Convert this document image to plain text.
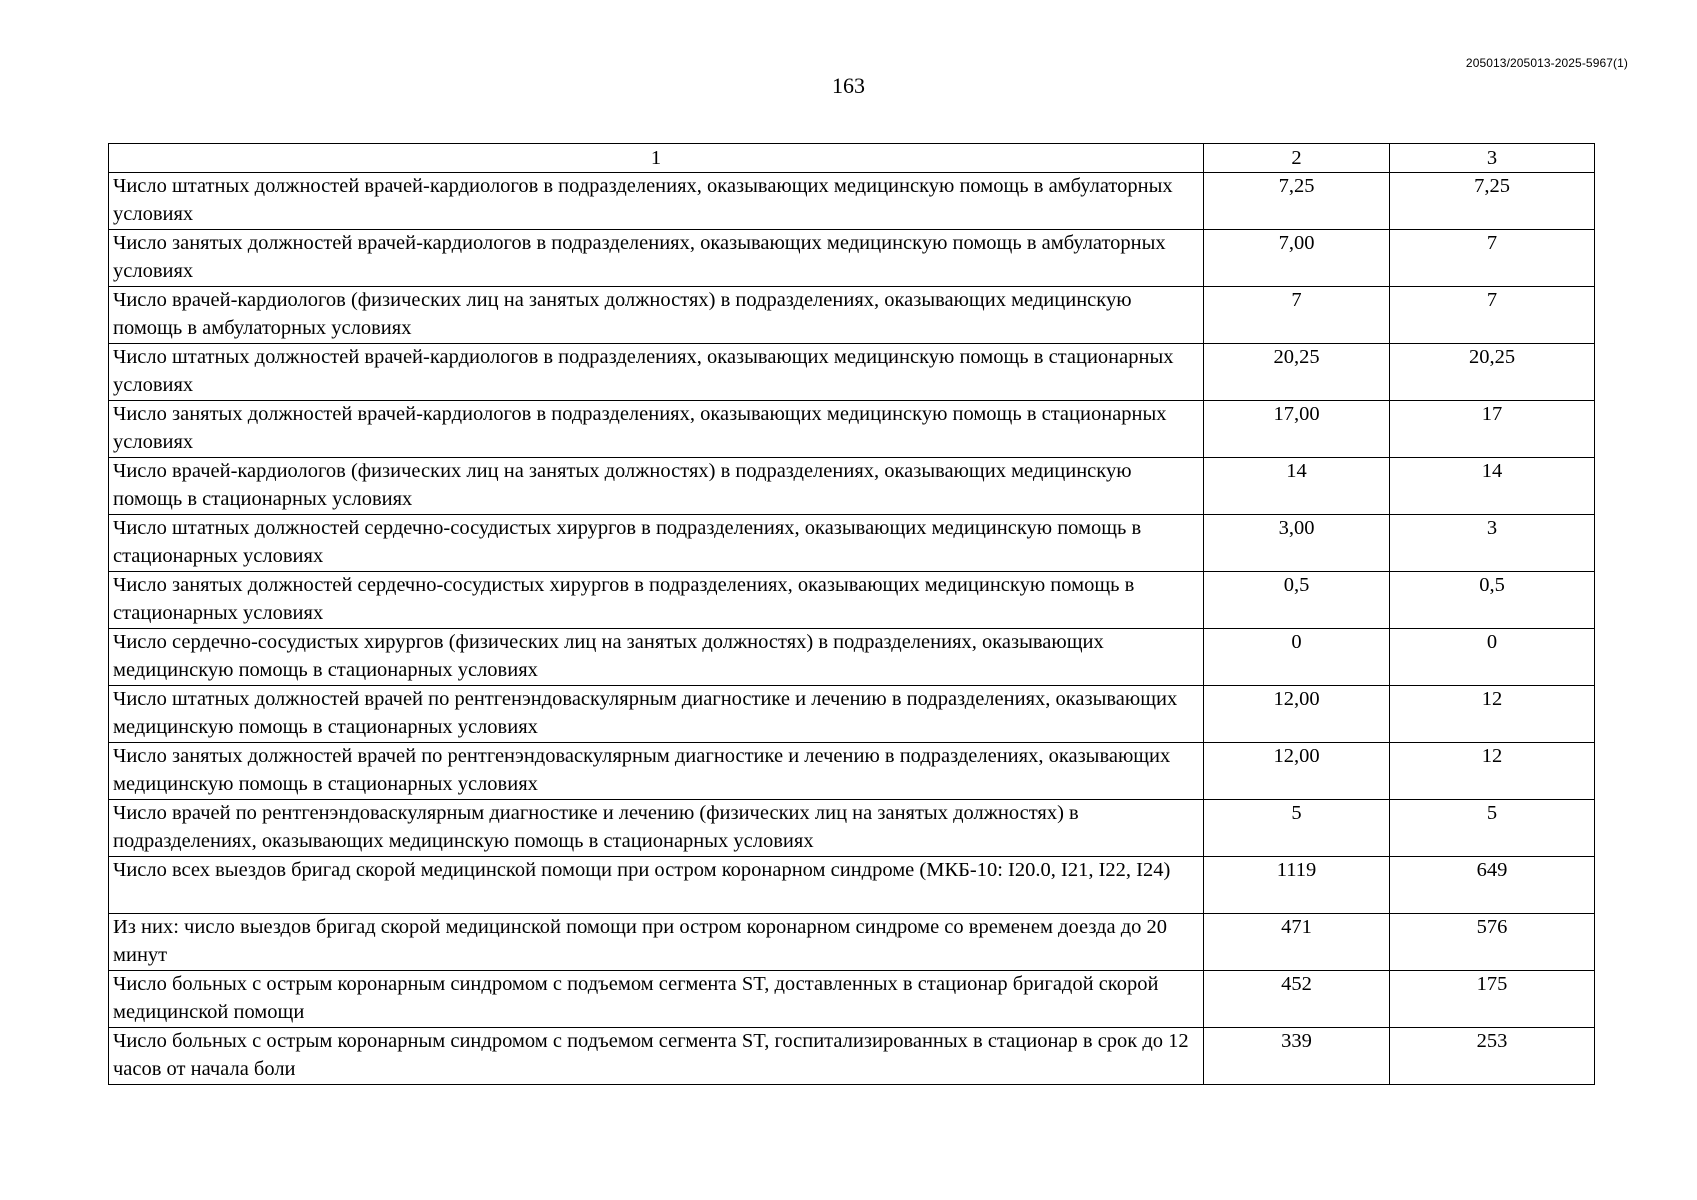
205013/205013-2025-5967(1)
163
1	2	3
Число штатных должностей врачей-кардиологов в подразделениях, оказывающих медицинскую помощь в амбулаторных условиях	7,25	7,25
Число занятых должностей врачей-кардиологов в подразделениях, оказывающих медицинскую помощь в амбулаторных условиях	7,00	7
Число врачей-кардиологов (физических лиц на занятых должностях) в подразделениях, оказывающих медицинскую помощь в амбулаторных условиях	7	7
Число штатных должностей врачей-кардиологов в подразделениях, оказывающих медицинскую помощь в стационарных условиях	20,25	20,25
Число занятых должностей врачей-кардиологов в подразделениях, оказывающих медицинскую помощь в стационарных условиях	17,00	17
Число врачей-кардиологов (физических лиц на занятых должностях) в подразделениях, оказывающих медицинскую помощь в стационарных условиях	14	14
Число штатных должностей сердечно-сосудистых хирургов в подразделениях, оказывающих медицинскую помощь в стационарных условиях	3,00	3
Число занятых должностей сердечно-сосудистых хирургов в подразделениях, оказывающих медицинскую помощь в стационарных условиях	0,5	0,5
Число сердечно-сосудистых хирургов (физических лиц на занятых должностях) в подразделениях, оказывающих медицинскую помощь в стационарных условиях	0	0
Число штатных должностей врачей по рентгенэндоваскулярным диагностике и лечению в подразделениях, оказывающих медицинскую помощь в стационарных условиях	12,00	12
Число занятых должностей врачей по рентгенэндоваскулярным диагностике и лечению в подразделениях, оказывающих медицинскую помощь в стационарных условиях	12,00	12
Число врачей по рентгенэндоваскулярным диагностике и лечению (физических лиц на занятых должностях) в подразделениях, оказывающих медицинскую помощь в стационарных условиях	5	5
Число всех выездов бригад скорой медицинской помощи при остром коронарном синдроме (МКБ-10: I20.0, I21, I22, I24)	1119	649
Из них: число выездов бригад скорой медицинской помощи при остром коронарном синдроме со временем доезда до 20 минут	471	576
Число больных с острым коронарным синдромом с подъемом сегмента ST, доставленных в стационар бригадой скорой медицинской помощи	452	175
Число больных с острым коронарным синдромом с подъемом сегмента ST, госпитализированных в стационар в срок до 12 часов от начала боли	339	253
